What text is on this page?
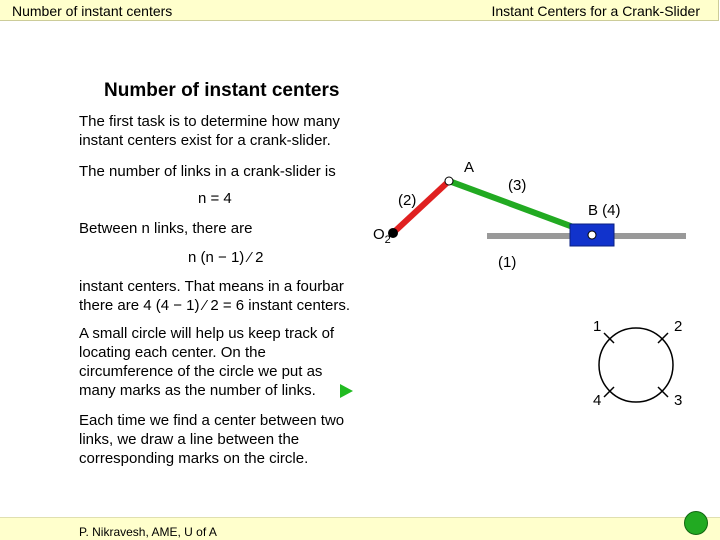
Number of instant centers	Instant Centers for a Crank-Slider
Number of instant centers
The first task is to determine how many instant centers exist for a crank-slider.
The number of links in a crank-slider is
n = 4
Between n links, there are
n (n − 1) ⁄ 2
instant centers. That means in a fourbar there are 4 (4 − 1) ⁄ 2 = 6 instant centers.
A small circle will help us keep track of locating each center. On the circumference of the circle we put as many marks as the number of links.
Each time we find a center between two links, we draw a line between the corresponding marks on the circle.
A
(2)
(3)
B (4)
$O_2$
(1)
1	2
3
4
P. Nikravesh, AME, U of A
